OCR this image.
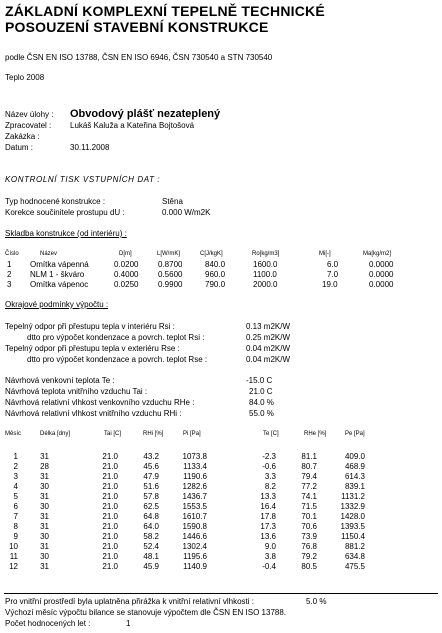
ZÁKLADNÍ KOMPLEXNÍ TEPELNĚ TECHNICKÉ
POSOUZENÍ STAVEBNÍ KONSTRUKCE
podle ČSN EN ISO 13788, ČSN EN ISO 6946, ČSN 730540 a STN 730540
Teplo 2008
Název úlohy : Obvodový plášť nezateplený
Zpracovatel : Lukáš Kaluža a Kateřina Bojtošová
Zakázka :
Datum :	30.11.2008
KONTROLNÍ TISK VSTUPNÍCH DAT :
Typ hodnocené konstrukce :	Stěna
Korekce součinitele prostupu dU :	0.000 W/m2K
Skladba konstrukce (od interiéru) :
Číslo	Název	D[m]	L[W/mK]	C[J/kgK]	Ro[kg/m3]	Mi[-]	Ma[kg/m2]
1 Omítka vápenná	0.0200 0.8700	840.0	1600.0	6.0	0.0000
2 NLM 1 - škváro	0.4000 0.5600	960.0	1100.0	7.0	0.0000
3 Omítka vápenoc	0.0250 0.9900	790.0	2000.0	19.0	0.0000
Okrajové podmínky výpočtu :
Tepelný odpor při přestupu tepla v interiéru Rsi :	0.13 m2K/W
dtto pro výpočet kondenzace a povrch. teplot Rsi :	0.25 m2K/W
Tepelný odpor při přestupu tepla v exteriéru Rse :	0.04 m2K/W
dtto pro výpočet kondenzace a povrch. teplot Rse :	0.04 m2K/W
Návrhová venkovní teplota Te :	-15.0 C
Návrhová teplota vnitřního vzduchu Tai :	21.0 C
Návrhová relativní vlhkost venkovního vzduchu RHe :	84.0 %
Návrhová relativní vlhkost vnitřního vzduchu RHi :	55.0 %
Měsíc	Délka [dny]	Tai [C]	RHi [%]	Pi [Pa]	Te [C]	RHe [%]	Pe [Pa]
1	31	21.0	43.2	1073.8	-2.3	81.1	409.0
2	28	21.0	45.6	1133.4	-0.6	80.7	468.9
3	31	21.0	47.9	1190.6	3.3	79.4	614.3
4	30	21.0	51.6	1282.6	8.2	77.2	839.1
5	31	21.0	57.8	1436.7	13.3	74.1	1131.2
6	30	21.0	62.5	1553.5	16.4	71.5	1332.9
7	31	21.0	64.8	1610.7	17.8	70.1	1428.0
8	31	21.0	64.0	1590.8	17.3	70.6	1393.5
9	30	21.0	58.2	1446.6	13.6	73.9	1150.4
10	31	21.0	52.4	1302.4	9.0	76.8	881.2
11	30	21.0	48.1	1195.6	3.8	79.2	634.8
12	31	21.0	45.9	1140.9	-0.4	80.5	475.5
Pro vnitřní prostředí byla uplatněna přirážka k vnitřní relativní vlhkosti :	5.0 %
Výchozí měsíc výpočtu bilance se stanovuje výpočtem dle ČSN EN ISO 13788.
Počet hodnocených let :	1
